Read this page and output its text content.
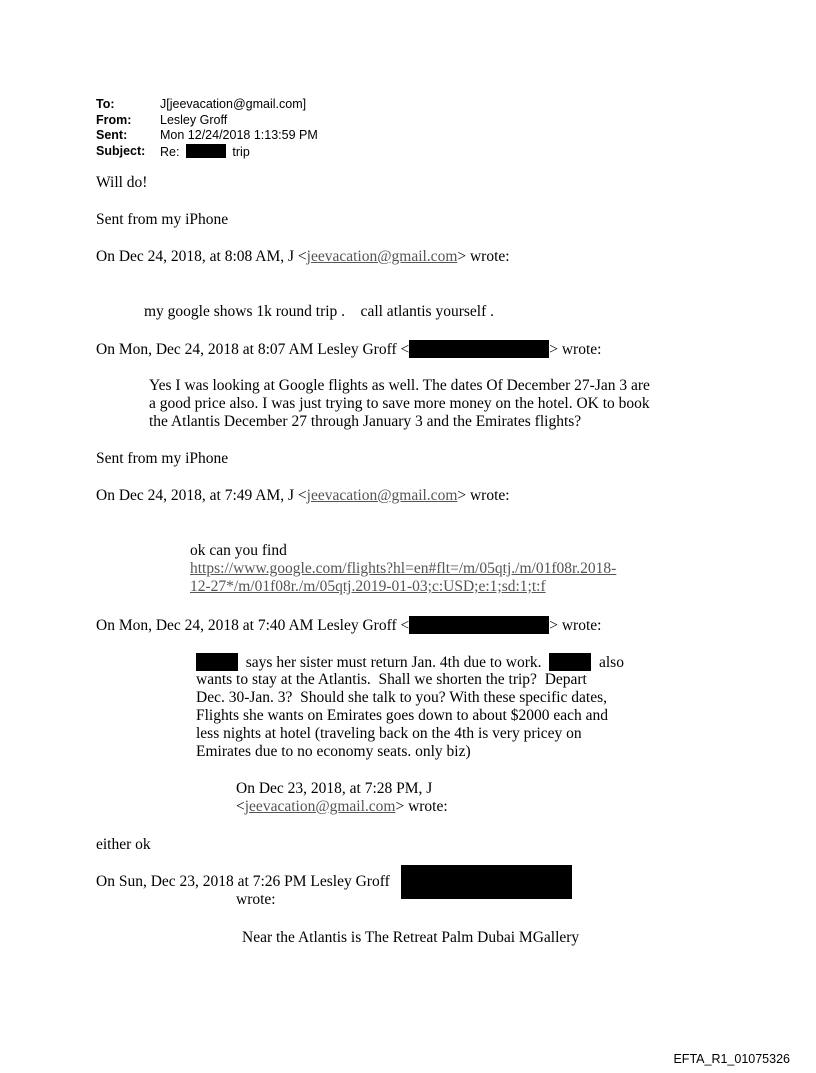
To:	J[jeevacation@gmail.com]
From:	Lesley Groff
Sent:	Mon 12/24/2018 1:13:59 PM
Subject:	Re:	trip
Will do!
Sent from my iPhone
On Dec 24, 2018, at 8:08 AM, J <jeevacation@gmail.com> wrote:
my google shows 1k round trip .    call atlantis yourself .
On Mon, Dec 24, 2018 at 8:07 AM Lesley Groff <	> wrote:
Yes I was looking at Google flights as well. The dates Of December 27-Jan 3 are
a good price also. I was just trying to save more money on the hotel. OK to book
the Atlantis December 27 through January 3 and the Emirates flights?
Sent from my iPhone
On Dec 24, 2018, at 7:49 AM, J <jeevacation@gmail.com> wrote:
ok can you find
https://www.google.com/flights?hl=en#flt=/m/05qtj./m/01f08r.2018-
12-27*/m/01f08r./m/05qtj.2019-01-03;c:USD;e:1;sd:1;t:f
On Mon, Dec 24, 2018 at 7:40 AM Lesley Groff <	> wrote:
says her sister must return Jan. 4th due to work.	also
wants to stay at the Atlantis.  Shall we shorten the trip?  Depart
Dec. 30-Jan. 3?  Should she talk to you? With these specific dates,
Flights she wants on Emirates goes down to about $2000 each and
less nights at hotel (traveling back on the 4th is very pricey on
Emirates due to no economy seats. only biz)
On Dec 23, 2018, at 7:28 PM, J
<jeevacation@gmail.com> wrote:
either ok
On Sun, Dec 23, 2018 at 7:26 PM Lesley Groff
wrote:
Near the Atlantis is The Retreat Palm Dubai MGallery
EFTA_R1_01075326
